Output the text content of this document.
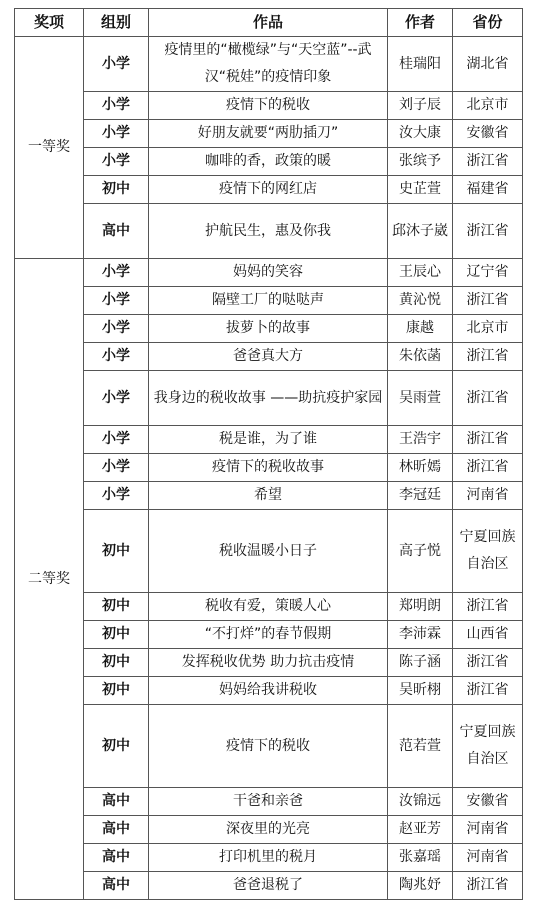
奖项	组别	作品	作者	省份
一等奖	小学	疫情里的“橄榄绿”与“天空蓝”--武汉“税娃”的疫情印象	桂瑞阳	湖北省
	小学	疫情下的税收	刘子辰	北京市
	小学	好朋友就要“两肋插刀”	汝大康	安徽省
	小学	咖啡的香，政策的暖	张缤予	浙江省
	初中	疫情下的网红店	史芷萱	福建省
	高中	护航民生，惠及你我	邱沐子崴	浙江省
二等奖	小学	妈妈的笑容	王辰心	辽宁省
	小学	隔壁工厂的哒哒声	黄沁悦	浙江省
	小学	拔萝卜的故事	康越	北京市
	小学	爸爸真大方	朱依菡	浙江省
	小学	我身边的税收故事 ——助抗疫护家园	吴雨萱	浙江省
	小学	税是谁，为了谁	王浩宇	浙江省
	小学	疫情下的税收故事	林昕嫣	浙江省
	小学	希望	李冠廷	河南省
	初中	税收温暖小日子	高子悦	宁夏回族自治区
	初中	税收有爱，策暖人心	郑明朗	浙江省
	初中	“不打烊”的春节假期	李沛霖	山西省
	初中	发挥税收优势 助力抗击疫情	陈子涵	浙江省
	初中	妈妈给我讲税收	吴昕栩	浙江省
	初中	疫情下的税收	范若萱	宁夏回族自治区
	高中	干爸和亲爸	汝锦远	安徽省
	高中	深夜里的光亮	赵亚芳	河南省
	高中	打印机里的税月	张嘉瑶	河南省
	高中	爸爸退税了	陶兆妤	浙江省
